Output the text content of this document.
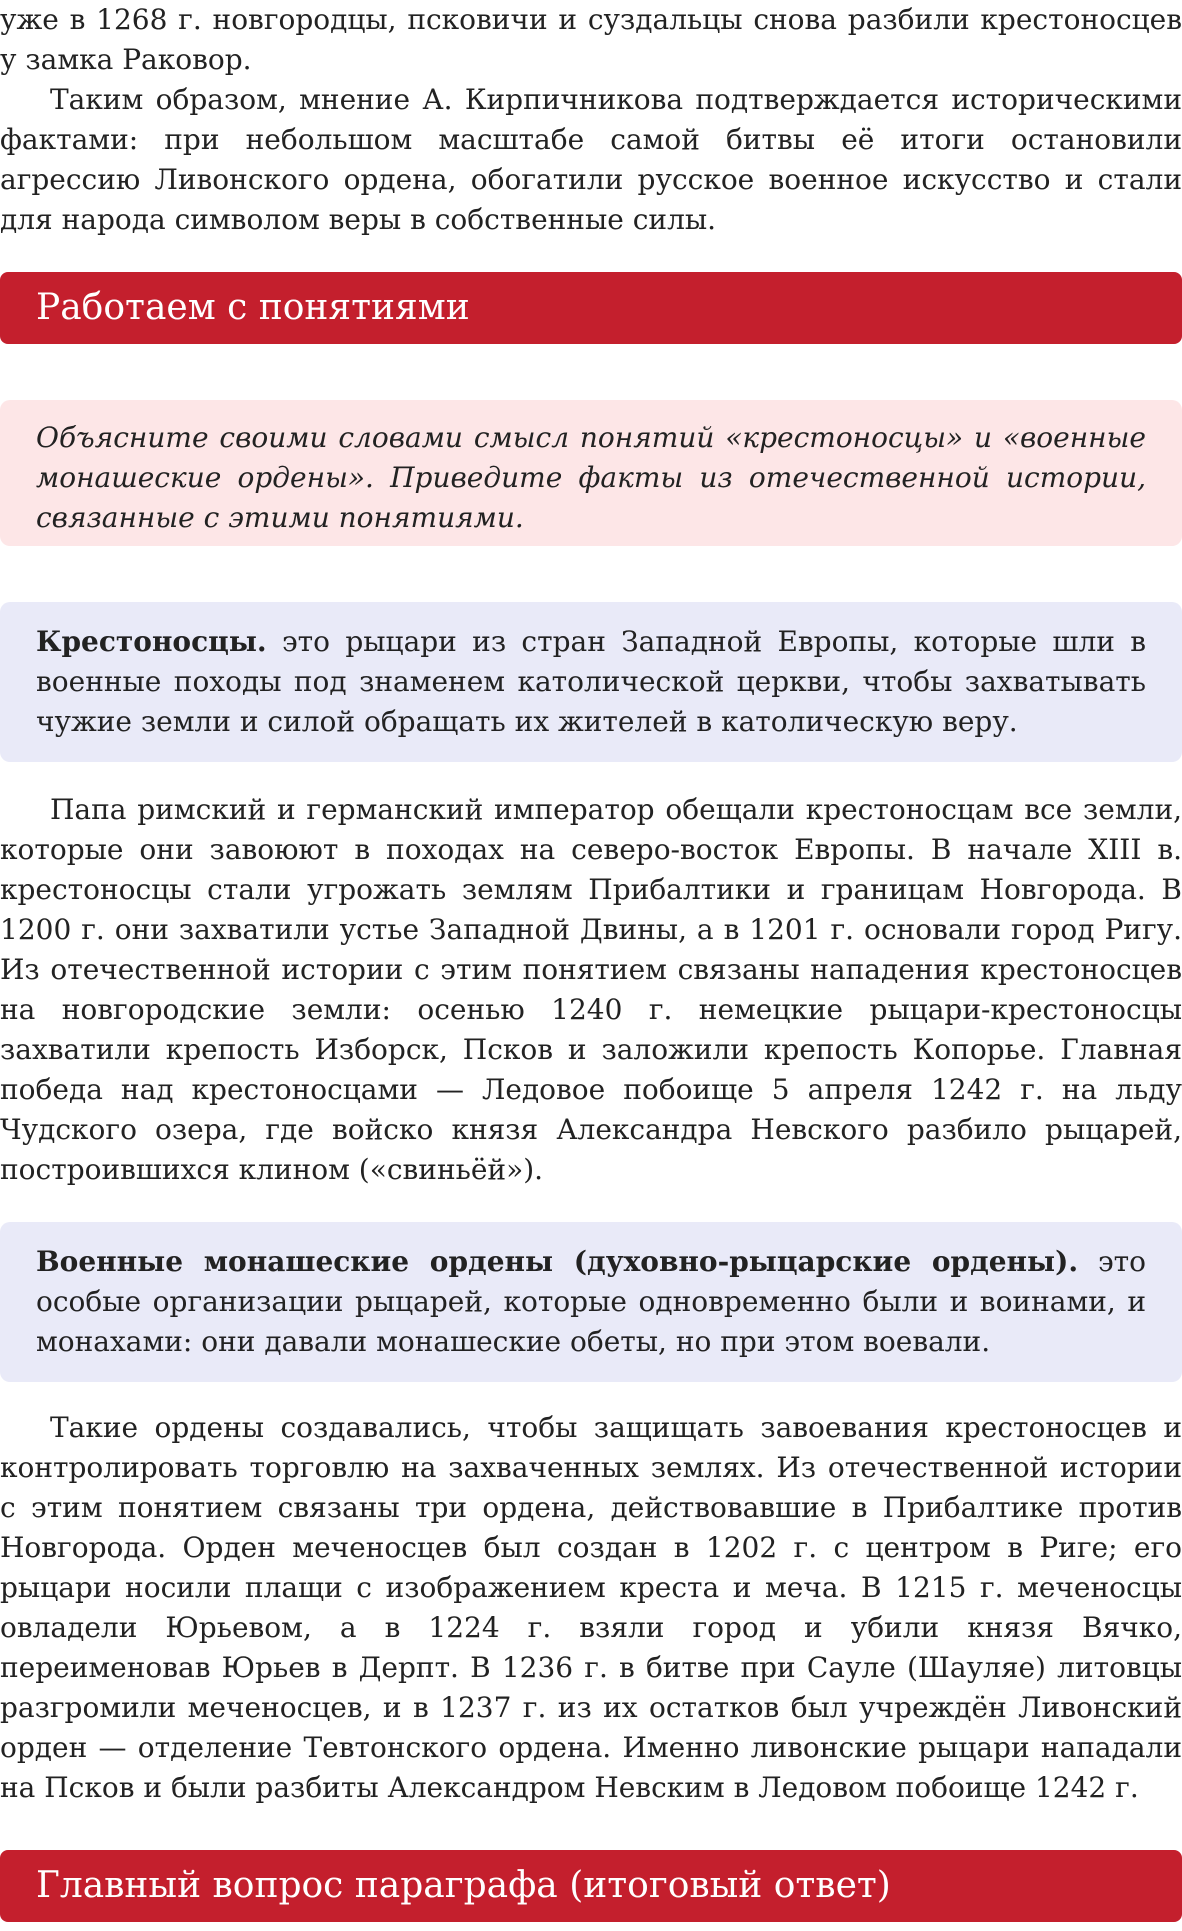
уже в 1268 г. новгородцы, псковичи и суздальцы снова разбили крестоносцев у замка Раковор.

Таким образом, мнение А. Кирпичникова подтверждается историческими фактами: при небольшом масштабе самой битвы её итоги остановили агрессию Ливонского ордена, обогатили русское военное искусство и стали для народа символом веры в собственные силы.

Работаем с понятиями
Объясните своими словами смысл понятий «крестоносцы» и «военные монашеские ордены». Приведите факты из отечественной истории, связанные с этими понятиями.
Крестоносцы. это рыцари из стран Западной Европы, которые шли в военные походы под знаменем католической церкви, чтобы захватывать чужие земли и силой обращать их жителей в католическую веру.

Папа римский и германский император обещали крестоносцам все земли, которые они завоюют в походах на северо-восток Европы. В начале XIII в. крестоносцы стали угрожать землям Прибалтики и границам Новгорода. В 1200 г. они захватили устье Западной Двины, а в 1201 г. основали город Ригу. Из отечественной истории с этим понятием связаны нападения крестоносцев на новгородские земли: осенью 1240 г. немецкие рыцари-крестоносцы захватили крепость Изборск, Псков и заложили крепость Копорье. Главная победа над крестоносцами — Ледовое побоище 5 апреля 1242 г. на льду Чудского озера, где войско князя Александра Невского разбило рыцарей, построившихся клином («свиньёй»).

Военные монашеские ордены (духовно-рыцарские ордены). это особые организации рыцарей, которые одновременно были и воинами, и монахами: они давали монашеские обеты, но при этом воевали.

Такие ордены создавались, чтобы защищать завоевания крестоносцев и контролировать торговлю на захваченных землях. Из отечественной истории с этим понятием связаны три ордена, действовавшие в Прибалтике против Новгорода. Орден меченосцев был создан в 1202 г. с центром в Риге; его рыцари носили плащи с изображением креста и меча. В 1215 г. меченосцы овладели Юрьевом, а в 1224 г. взяли город и убили князя Вячко, переименовав Юрьев в Дерпт. В 1236 г. в битве при Сауле (Шауляе) литовцы разгромили меченосцев, и в 1237 г. из их остатков был учреждён Ливонский орден — отделение Тевтонского ордена. Именно ливонские рыцари нападали на Псков и были разбиты Александром Невским в Ледовом побоище 1242 г.

Главный вопрос параграфа (итоговый ответ)
